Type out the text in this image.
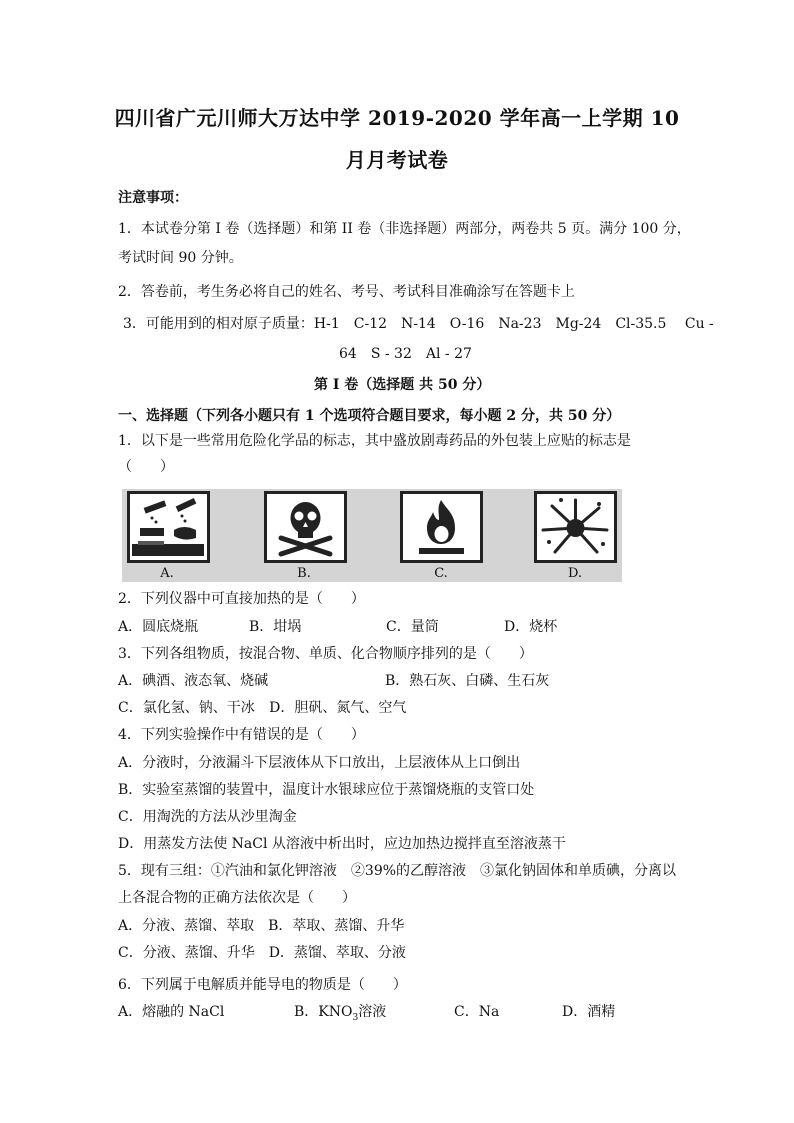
四川省广元川师大万达中学 2019-2020 学年高一上学期 10
月月考试卷
注意事项：
1．本试卷分第 I 卷（选择题）和第 II 卷（非选择题）两部分，两卷共 5 页。满分 100 分，
考试时间 90 分钟。
2．答卷前，考生务必将自己的姓名、考号、考试科目准确涂写在答题卡上
3．可能用到的相对原子质量：H-1　C-12　N-14　O-16　Na-23　Mg-24　Cl-35.5　 Cu -
64　S - 32　Al - 27
第 I 卷（选择题 共 50 分）
一、选择题（下列各小题只有 1 个选项符合题目要求，每小题 2 分，共 50 分）
1．以下是一些常用危险化学品的标志，其中盛放剧毒药品的外包装上应贴的标志是
（　　）
A.	B.	C.	D.
2．下列仪器中可直接加热的是（　　）
A．圆底烧瓶	B．坩埚	C．量筒	D．烧杯
3．下列各组物质，按混合物、单质、化合物顺序排列的是（　　）
A．碘酒、液态氧、烧碱	B．熟石灰、白磷、生石灰
C．氯化氢、钠、干冰 D．胆矾、氮气、空气
4．下列实验操作中有错误的是（　　）
A．分液时，分液漏斗下层液体从下口放出，上层液体从上口倒出
B．实验室蒸馏的装置中，温度计水银球应位于蒸馏烧瓶的支管口处
C．用淘洗的方法从沙里淘金
D．用蒸发方法使 NaCl 从溶液中析出时，应边加热边搅拌直至溶液蒸干
5．现有三组：①汽油和氯化钾溶液　②39%的乙醇溶液　③氯化钠固体和单质碘，分离以
上各混合物的正确方法依次是（　　）
A．分液、蒸馏、萃取　B．萃取、蒸馏、升华
C．分液、蒸馏、升华　D．蒸馏、萃取、分液
6．下列属于电解质并能导电的物质是（　　）
A．熔融的 NaCl	B．$KNO_3$溶液	C．Na	D．酒精
